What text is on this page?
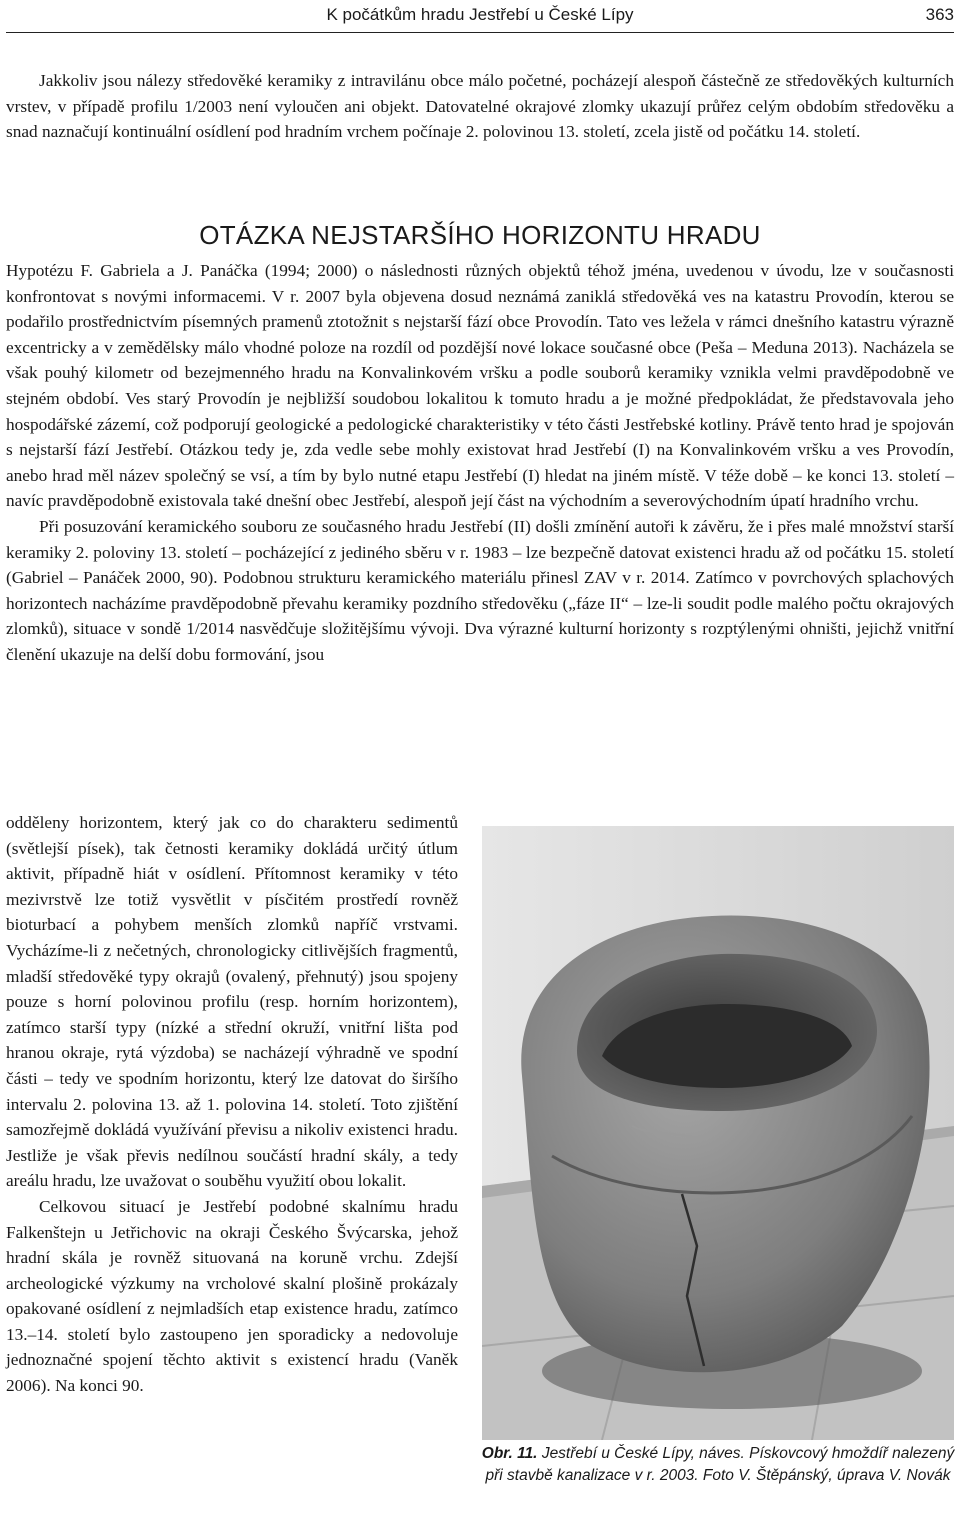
K počátkům hradu Jestřebí u České Lípy	363

Jakkoliv jsou nálezy středověké keramiky z intravilánu obce málo početné, pocházejí alespoň částečně ze středověkých kulturních vrstev, v případě profilu 1/2003 není vyloučen ani objekt. Datovatelné okrajové zlomky ukazují průřez celým obdobím středověku a snad naznačují kontinuální osídlení pod hradním vrchem počínaje 2. polovinou 13. století, zcela jistě od počátku 14. století.

OTÁZKA NEJSTARŠÍHO HORIZONTU HRADU

Hypotézu F. Gabriela a J. Panáčka (1994; 2000) o následnosti různých objektů téhož jména, uvedenou v úvodu, lze v současnosti konfrontovat s novými informacemi. V r. 2007 byla objevena dosud neznámá zaniklá středověká ves na katastru Provodín, kterou se podařilo prostřednictvím písemných pramenů ztotožnit s nejstarší fází obce Provodín. Tato ves ležela v rámci dnešního katastru výrazně excentricky a v zemědělsky málo vhodné poloze na rozdíl od pozdější nové lokace současné obce (Peša – Meduna 2013). Nacházela se však pouhý kilometr od bezejmenného hradu na Konvalinkovém vršku a podle souborů keramiky vznikla velmi pravděpodobně ve stejném období. Ves starý Provodín je nejbližší soudobou lokalitou k tomuto hradu a je možné předpokládat, že představovala jeho hospodářské zázemí, což podporují geologické a pedologické charakteristiky v této části Jestřebské kotliny. Právě tento hrad je spojován s nejstarší fází Jestřebí. Otázkou tedy je, zda vedle sebe mohly existovat hrad Jestřebí (I) na Konvalinkovém vršku a ves Provodín, anebo hrad měl název společný se vsí, a tím by bylo nutné etapu Jestřebí (I) hledat na jiném místě. V téže době – ke konci 13. století – navíc pravděpodobně existovala také dnešní obec Jestřebí, alespoň její část na východním a severovýchodním úpatí hradního vrchu.

Při posuzování keramického souboru ze současného hradu Jestřebí (II) došli zmínění autoři k závěru, že i přes malé množství starší keramiky 2. poloviny 13. století – pocházející z jediného sběru v r. 1983 – lze bezpečně datovat existenci hradu až od počátku 15. století (Gabriel – Panáček 2000, 90). Podobnou strukturu keramického materiálu přinesl ZAV v r. 2014. Zatímco v povrchových splachových horizontech nacházíme pravděpodobně převahu keramiky pozdního středověku („fáze II“ – lze-li soudit podle malého počtu okrajových zlomků), situace v sondě 1/2014 nasvědčuje složitějšímu vývoji. Dva výrazné kulturní horizonty s rozptýlenými ohništi, jejichž vnitřní členění ukazuje na delší dobu formování, jsou

odděleny horizontem, který jak co do charakteru sedimentů (světlejší písek), tak četnosti keramiky dokládá určitý útlum aktivit, případně hiát v osídlení. Přítomnost keramiky v této mezivrstvě lze totiž vysvětlit v písčitém prostředí rovněž bioturbací a pohybem menších zlomků napříč vrstvami. Vycházíme-li z nečetných, chronologicky citlivějších fragmentů, mladší středověké typy okrajů (ovalený, přehnutý) jsou spojeny pouze s horní polovinou profilu (resp. horním horizontem), zatímco starší typy (nízké a střední okruží, vnitřní lišta pod hranou okraje, rytá výzdoba) se nacházejí výhradně ve spodní části – tedy ve spodním horizontu, který lze datovat do širšího intervalu 2. polovina 13. až 1. polovina 14. století. Toto zjištění samozřejmě dokládá využívání převisu a nikoliv existenci hradu. Jestliže je však převis nedílnou součástí hradní skály, a tedy areálu hradu, lze uvažovat o souběhu využití obou lokalit.

Celkovou situací je Jestřebí podobné skalnímu hradu Falkenštejn u Jetřichovic na okraji Českého Švýcarska, jehož hradní skála je rovněž situovaná na koruně vrchu. Zdejší archeologické výzkumy na vrcholové skalní plošině prokázaly opakované osídlení z nejmladších etap existence hradu, zatímco 13.–14. století bylo zastoupeno jen sporadicky a nedovoluje jednoznačné spojení těchto aktivit s existencí hradu (Vaněk 2006). Na konci 90.

Obr. 11. Jestřebí u České Lípy, náves. Pískovcový hmoždíř nalezený při stavbě kanalizace v r. 2003. Foto V. Štěpánský, úprava V. Novák
